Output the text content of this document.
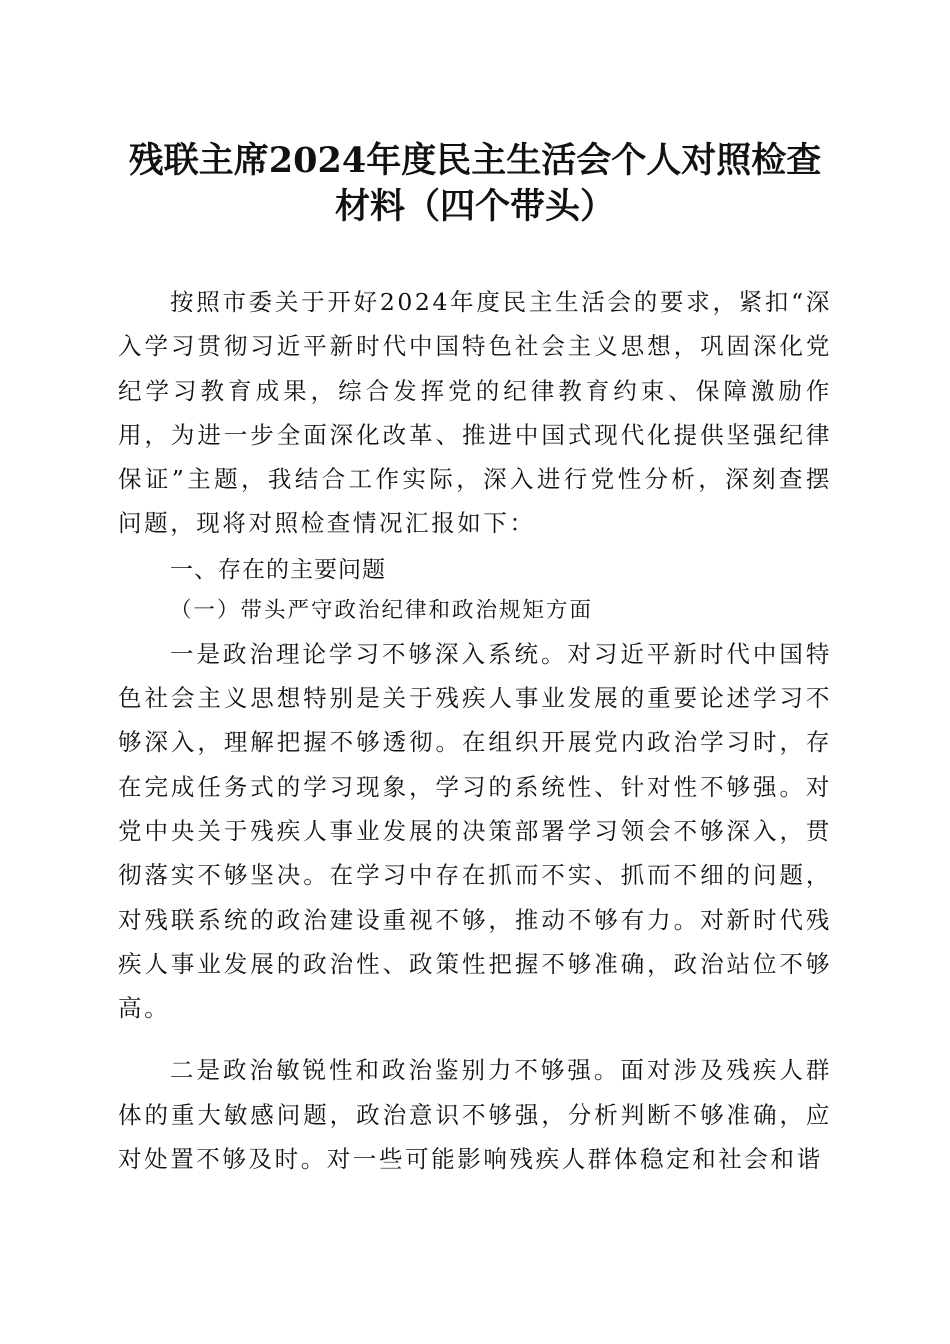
残联主席2024年度民主生活会个人对照检查
材料（四个带头）

按照市委关于开好2024年度民主生活会的要求，紧扣“深入学习贯彻习近平新时代中国特色社会主义思想，巩固深化党纪学习教育成果，综合发挥党的纪律教育约束、保障激励作用，为进一步全面深化改革、推进中国式现代化提供坚强纪律保证”主题，我结合工作实际，深入进行党性分析，深刻查摆问题，现将对照检查情况汇报如下：

一、存在的主要问题

（一）带头严守政治纪律和政治规矩方面

一是政治理论学习不够深入系统。对习近平新时代中国特色社会主义思想特别是关于残疾人事业发展的重要论述学习不够深入，理解把握不够透彻。在组织开展党内政治学习时，存在完成任务式的学习现象，学习的系统性、针对性不够强。对党中央关于残疾人事业发展的决策部署学习领会不够深入，贯彻落实不够坚决。在学习中存在抓而不实、抓而不细的问题，对残联系统的政治建设重视不够，推动不够有力。对新时代残疾人事业发展的政治性、政策性把握不够准确，政治站位不够高。

二是政治敏锐性和政治鉴别力不够强。面对涉及残疾人群体的重大敏感问题，政治意识不够强，分析判断不够准确，应对处置不够及时。对一些可能影响残疾人群体稳定和社会和谐
